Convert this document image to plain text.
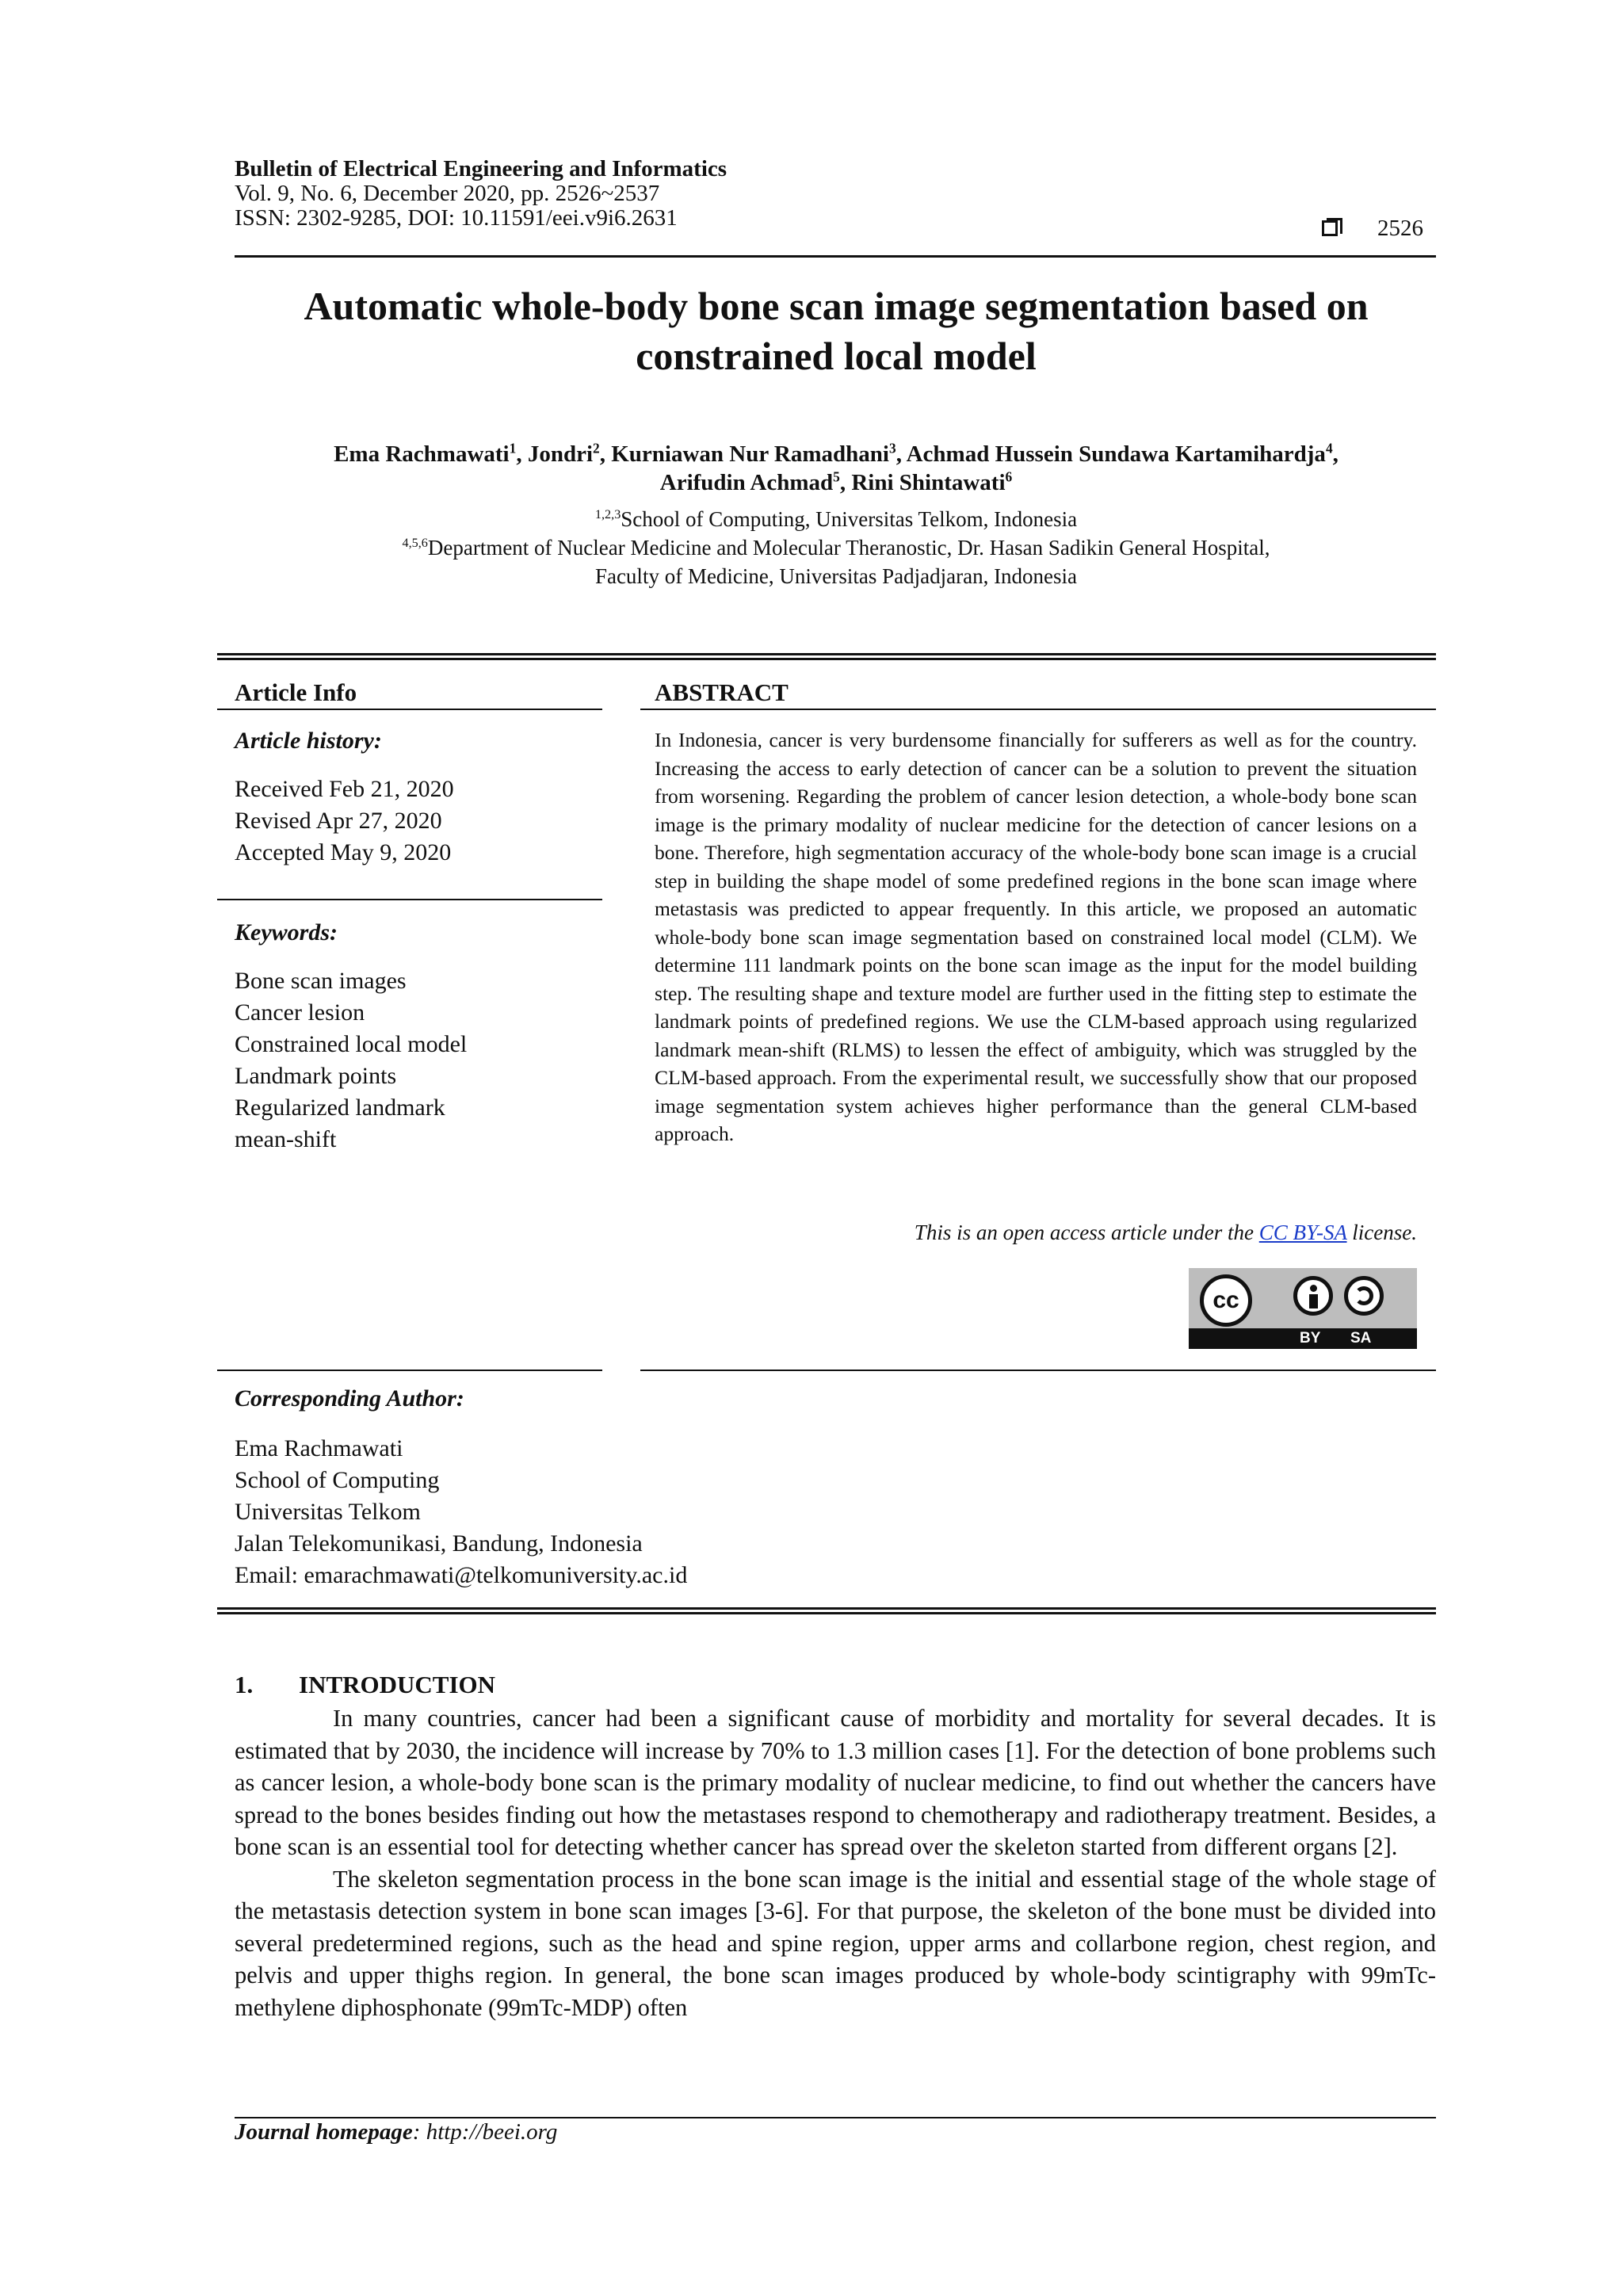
Bulletin of Electrical Engineering and Informatics
Vol. 9, No. 6, December 2020, pp. 2526~2537
ISSN: 2302-9285, DOI: 10.11591/eei.v9i6.2631	2526
Automatic whole-body bone scan image segmentation based on constrained local model
Ema Rachmawati$^1$, Jondri$^2$, Kurniawan Nur Ramadhani$^3$, Achmad Hussein Sundawa Kartamihardja$^4$,
Arifudin Achmad$^5$, Rini Shintawati$^6$
$^{1,2,3}$School of Computing, Universitas Telkom, Indonesia
$^{4,5,6}$Department of Nuclear Medicine and Molecular Theranostic, Dr. Hasan Sadikin General Hospital,
Faculty of Medicine, Universitas Padjadjaran, Indonesia
Article Info
Article history:
Received Feb 21, 2020
Revised Apr 27, 2020
Accepted May 9, 2020
Keywords:
Bone scan images
Cancer lesion
Constrained local model
Landmark points
Regularized landmark
mean-shift
ABSTRACT
In Indonesia, cancer is very burdensome financially for sufferers as well as for the country. Increasing the access to early detection of cancer can be a solution to prevent the situation from worsening. Regarding the problem of cancer lesion detection, a whole-body bone scan image is the primary modality of nuclear medicine for the detection of cancer lesions on a bone. Therefore, high segmentation accuracy of the whole-body bone scan image is a crucial step in building the shape model of some predefined regions in the bone scan image where metastasis was predicted to appear frequently. In this article, we proposed an automatic whole-body bone scan image segmentation based on constrained local model (CLM). We determine 111 landmark points on the bone scan image as the input for the model building step. The resulting shape and texture model are further used in the fitting step to estimate the landmark points of predefined regions. We use the CLM-based approach using regularized landmark mean-shift (RLMS) to lessen the effect of ambiguity, which was struggled by the CLM-based approach. From the experimental result, we successfully show that our proposed image segmentation system achieves higher performance than the general CLM-based approach.
This is an open access article under the CC BY-SA license.
cc
BY SA
Corresponding Author:
Ema Rachmawati
School of Computing
Universitas Telkom
Jalan Telekomunikasi, Bandung, Indonesia
Email: emarachmawati@telkomuniversity.ac.id
1. INTRODUCTION

In many countries, cancer had been a significant cause of morbidity and mortality for several decades. It is estimated that by 2030, the incidence will increase by 70% to 1.3 million cases [1]. For the detection of bone problems such as cancer lesion, a whole-body bone scan is the primary modality of nuclear medicine, to find out whether the cancers have spread to the bones besides finding out how the metastases respond to chemotherapy and radiotherapy treatment. Besides, a bone scan is an essential tool for detecting whether cancer has spread over the skeleton started from different organs [2].

The skeleton segmentation process in the bone scan image is the initial and essential stage of the whole stage of the metastasis detection system in bone scan images [3-6]. For that purpose, the skeleton of the bone must be divided into several predetermined regions, such as the head and spine region, upper arms and collarbone region, chest region, and pelvis and upper thighs region. In general, the bone scan images produced by whole-body scintigraphy with 99mTc-methylene diphosphonate (99mTc-MDP) often

Journal homepage: http://beei.org
